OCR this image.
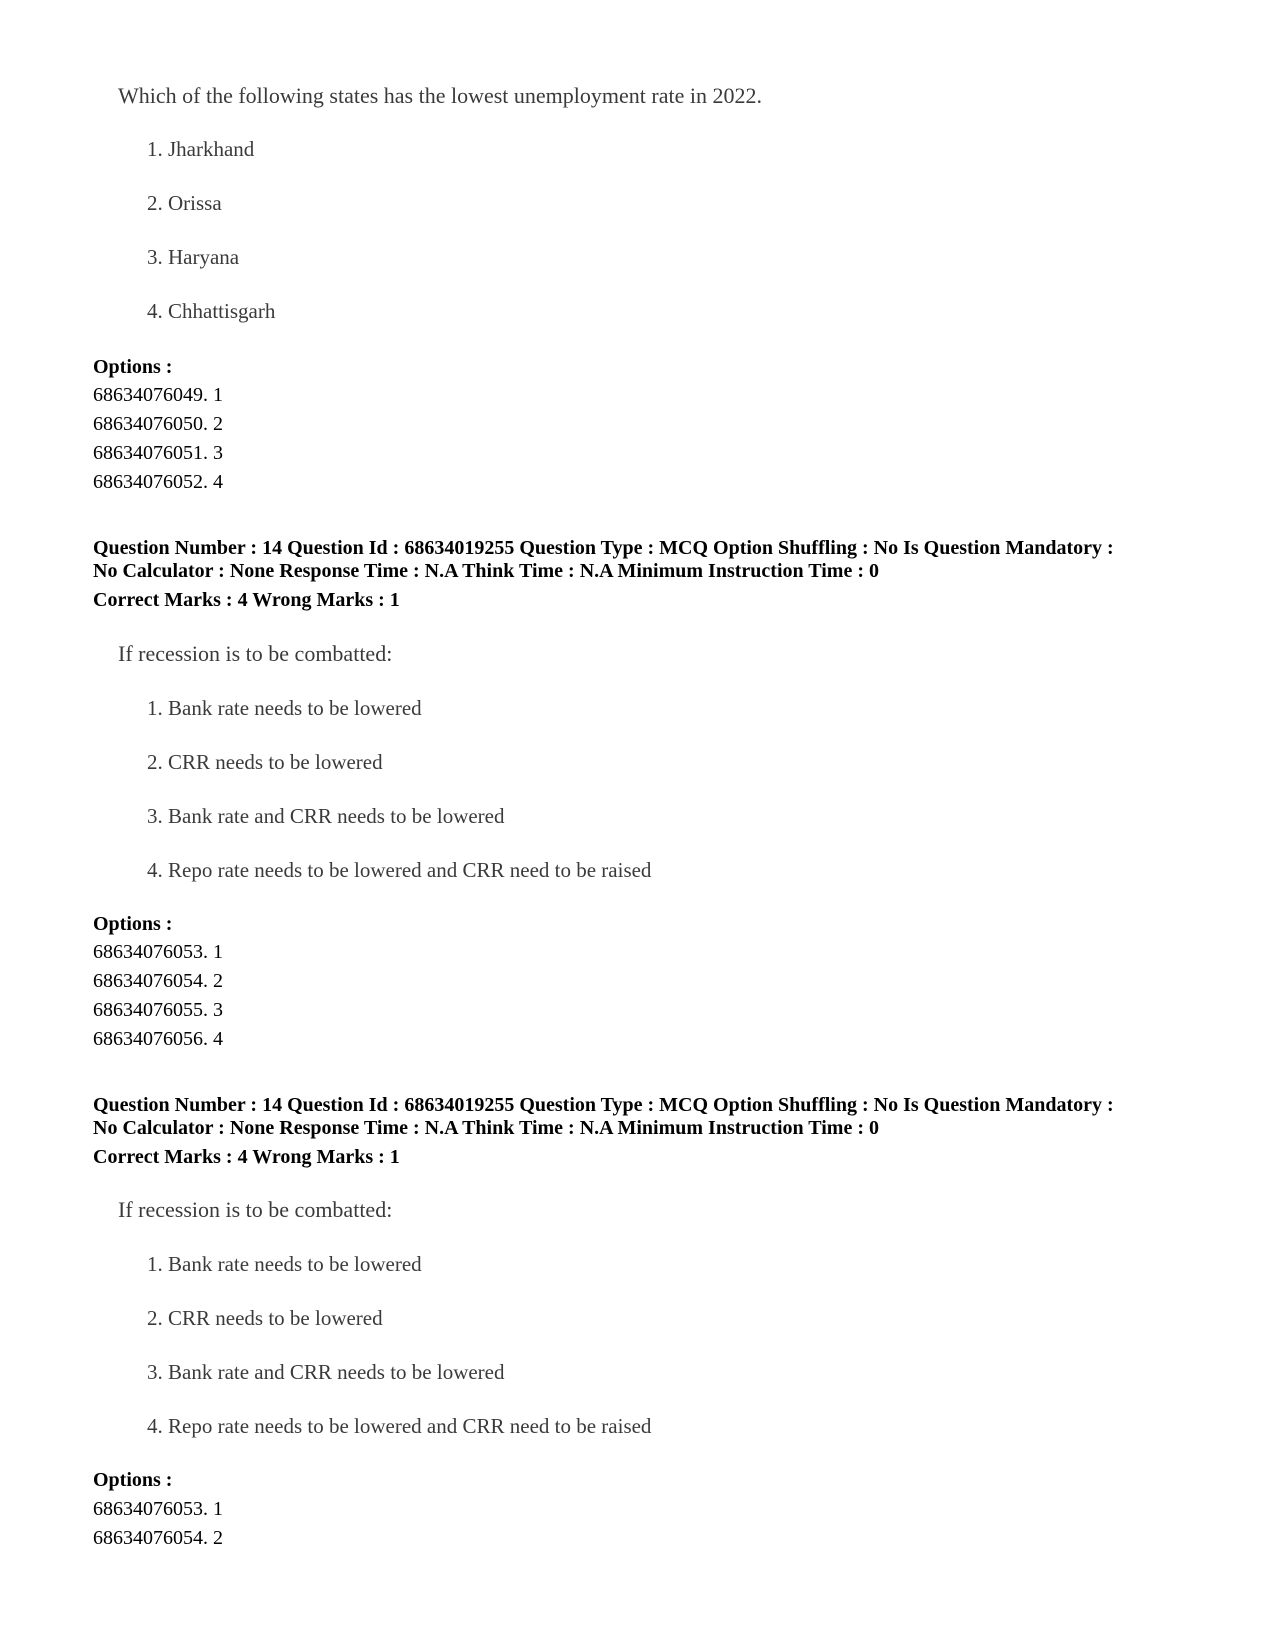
Which of the following states has the lowest unemployment rate in 2022.
1. Jharkhand
2. Orissa
3. Haryana
4. Chhattisgarh
Options :
68634076049. 1
68634076050. 2
68634076051. 3
68634076052. 4
Question Number : 14 Question Id : 68634019255 Question Type : MCQ Option Shuffling : No Is Question Mandatory :
No Calculator : None Response Time : N.A Think Time : N.A Minimum Instruction Time : 0
Correct Marks : 4 Wrong Marks : 1
If recession is to be combatted:
1. Bank rate needs to be lowered
2. CRR needs to be lowered
3. Bank rate and CRR needs to be lowered
4. Repo rate needs to be lowered and CRR need to be raised
Options :
68634076053. 1
68634076054. 2
68634076055. 3
68634076056. 4
Question Number : 14 Question Id : 68634019255 Question Type : MCQ Option Shuffling : No Is Question Mandatory :
No Calculator : None Response Time : N.A Think Time : N.A Minimum Instruction Time : 0
Correct Marks : 4 Wrong Marks : 1
If recession is to be combatted:
1. Bank rate needs to be lowered
2. CRR needs to be lowered
3. Bank rate and CRR needs to be lowered
4. Repo rate needs to be lowered and CRR need to be raised
Options :
68634076053. 1
68634076054. 2
